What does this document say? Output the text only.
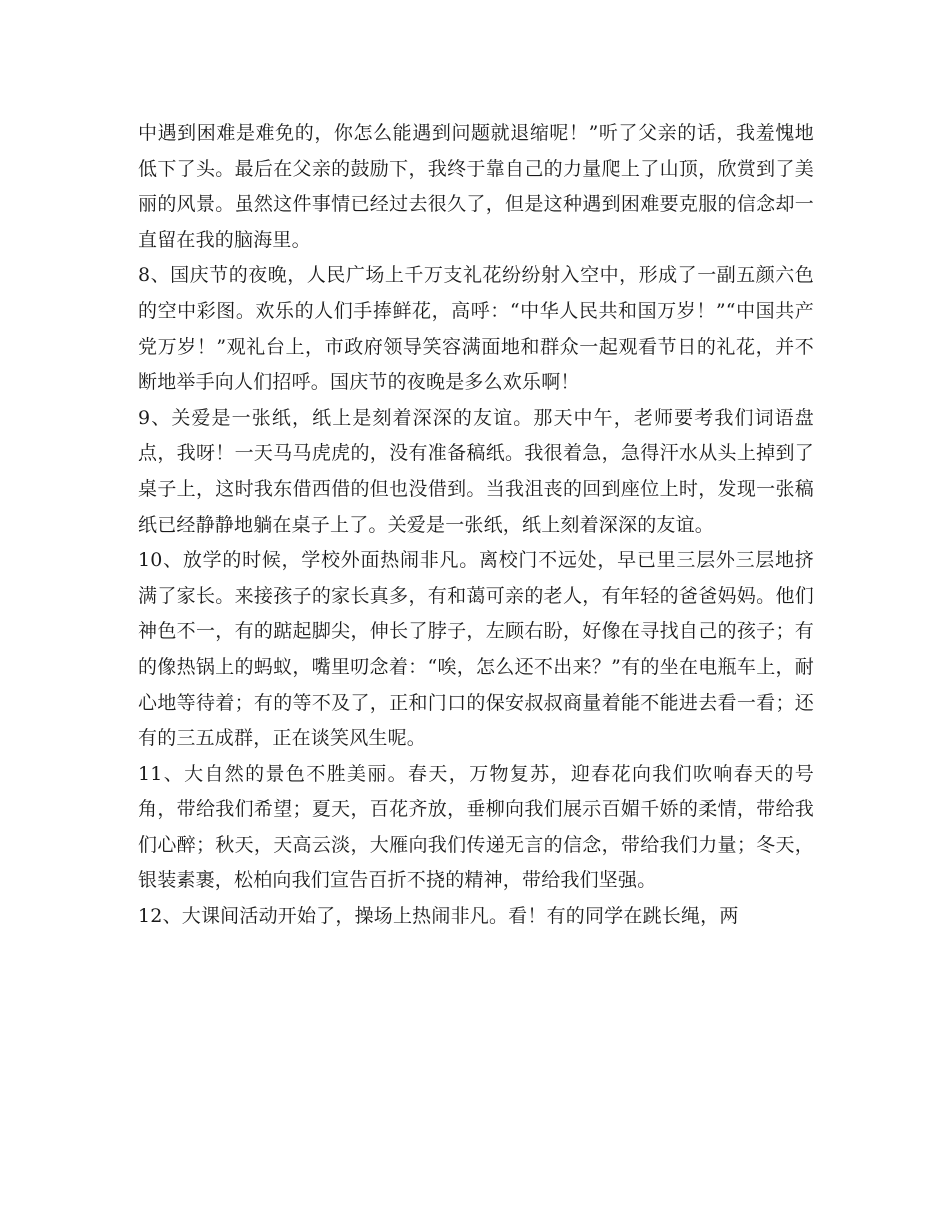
中遇到困难是难免的，你怎么能遇到问题就退缩呢！”听了父亲的话，我羞愧地低下了头。最后在父亲的鼓励下，我终于靠自己的力量爬上了山顶，欣赏到了美丽的风景。虽然这件事情已经过去很久了，但是这种遇到困难要克服的信念却一直留在我的脑海里。

8、国庆节的夜晚，人民广场上千万支礼花纷纷射入空中，形成了一副五颜六色的空中彩图。欢乐的人们手捧鲜花，高呼：“中华人民共和国万岁！”“中国共产党万岁！”观礼台上，市政府领导笑容满面地和群众一起观看节日的礼花，并不断地举手向人们招呼。国庆节的夜晚是多么欢乐啊！

9、关爱是一张纸，纸上是刻着深深的友谊。那天中午，老师要考我们词语盘点，我呀！一天马马虎虎的，没有准备稿纸。我很着急，急得汗水从头上掉到了桌子上，这时我东借西借的但也没借到。当我沮丧的回到座位上时，发现一张稿纸已经静静地躺在桌子上了。关爱是一张纸，纸上刻着深深的友谊。

10、放学的时候，学校外面热闹非凡。离校门不远处，早已里三层外三层地挤满了家长。来接孩子的家长真多，有和蔼可亲的老人，有年轻的爸爸妈妈。他们神色不一，有的踮起脚尖，伸长了脖子，左顾右盼，好像在寻找自己的孩子；有的像热锅上的蚂蚁，嘴里叨念着：“唉，怎么还不出来？”有的坐在电瓶车上，耐心地等待着；有的等不及了，正和门口的保安叔叔商量着能不能进去看一看；还有的三五成群，正在谈笑风生呢。

11、大自然的景色不胜美丽。春天，万物复苏，迎春花向我们吹响春天的号角，带给我们希望；夏天，百花齐放，垂柳向我们展示百媚千娇的柔情，带给我们心醉；秋天，天高云淡，大雁向我们传递无言的信念，带给我们力量；冬天，银装素裹，松柏向我们宣告百折不挠的精神，带给我们坚强。

12、大课间活动开始了，操场上热闹非凡。看！有的同学在跳长绳，两
